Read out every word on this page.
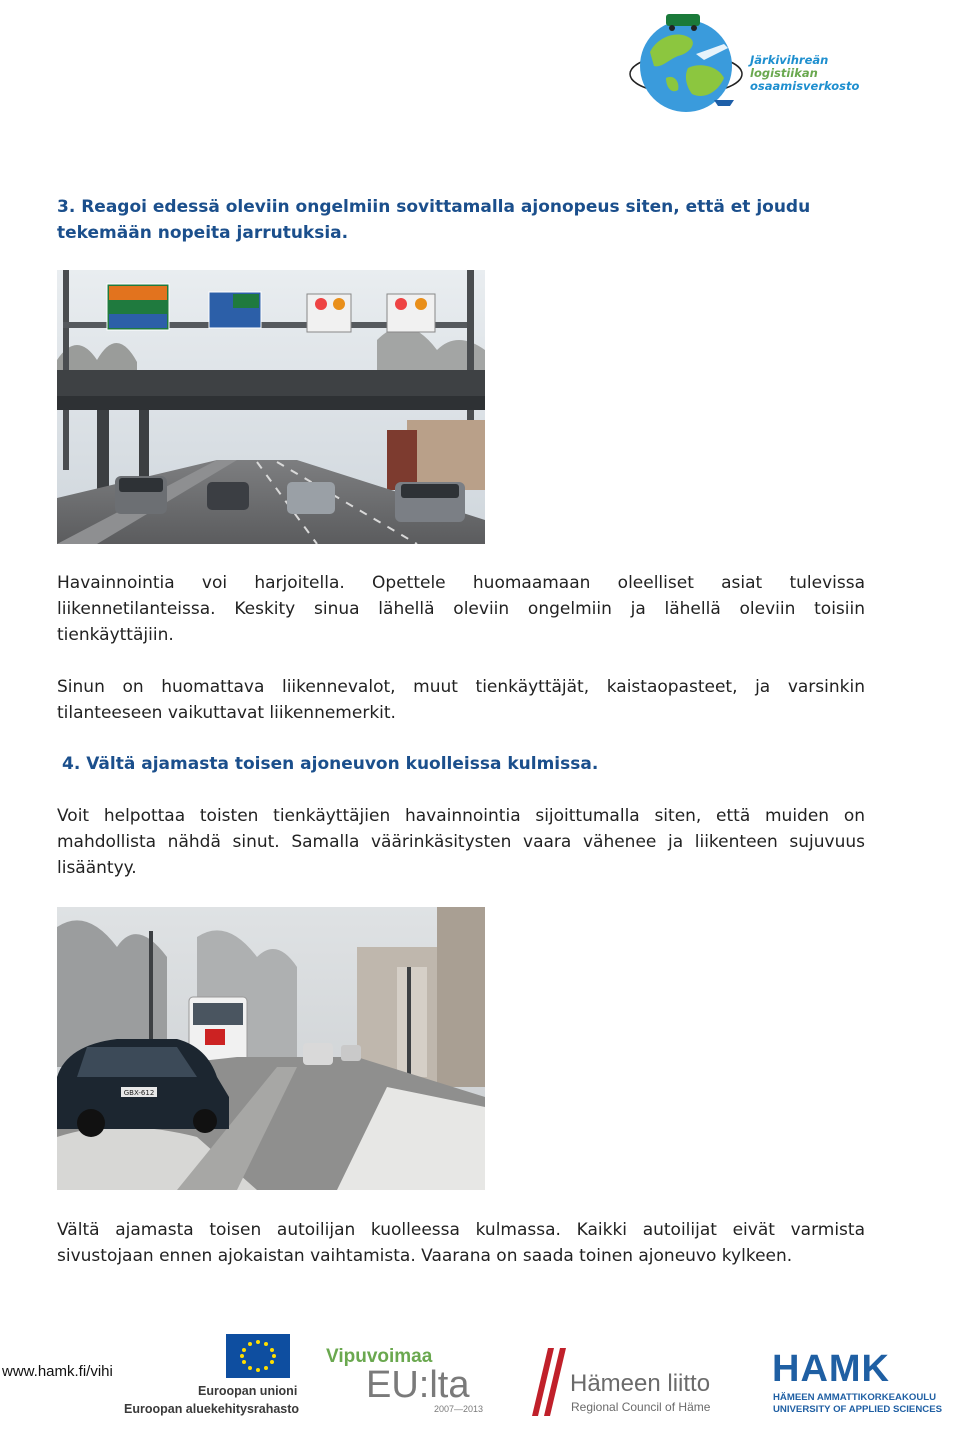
Järkivihreän
logistiikan
osaamisverkosto
3. Reagoi edessä oleviin ongelmiin sovittamalla ajonopeus siten, että et joudu tekemään nopeita jarrutuksia.
Havainnointia voi harjoitella. Opettele huomaamaan oleelliset asiat tulevissa liikennetilanteissa. Keskity sinua lähellä oleviin ongelmiin ja lähellä oleviin toisiin tienkäyttäjiin.
Sinun on huomattava liikennevalot, muut tienkäyttäjät, kaistaopasteet, ja varsinkin tilanteeseen vaikuttavat liikennemerkit.
4. Vältä ajamasta toisen ajoneuvon kuolleissa kulmissa.
Voit helpottaa toisten tienkäyttäjien havainnointia sijoittumalla siten, että muiden on mahdollista nähdä sinut. Samalla väärinkäsitysten vaara vähenee ja liikenteen sujuvuus lisääntyy.
GBX-612
Vältä ajamasta toisen autoilijan kuolleessa kulmassa. Kaikki autoilijat eivät varmista sivustojaan ennen ajokaistan vaihtamista. Vaarana on saada toinen ajoneuvo kylkeen.
www.hamk.fi/vihi
Euroopan unioni
Euroopan aluekehitysrahasto
Vipuvoimaa
EU:lta
2007—2013
Hämeen liitto
Regional Council of Häme
HAMK
HÄMEEN AMMATTIKORKEAKOULU
UNIVERSITY OF APPLIED SCIENCES
